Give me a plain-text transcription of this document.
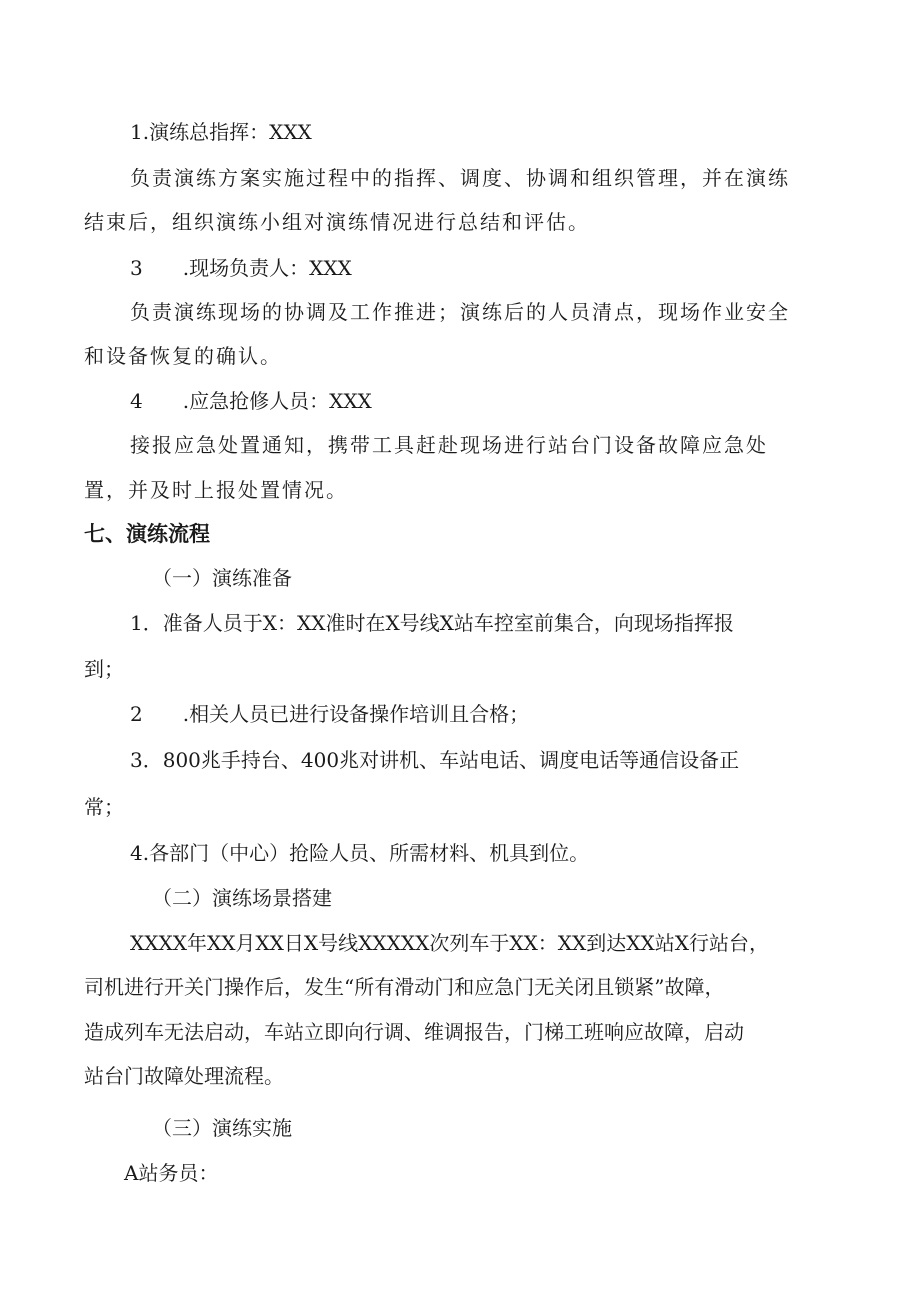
1.演练总指挥：XXX
负责演练方案实施过程中的指挥、调度、协调和组织管理，并在演练
结束后，组织演练小组对演练情况进行总结和评估。
3　　.现场负责人：XXX
负责演练现场的协调及工作推进；演练后的人员清点，现场作业安全
和设备恢复的确认。
4　　.应急抢修人员：XXX
接报应急处置通知，携带工具赶赴现场进行站台门设备故障应急处
置，并及时上报处置情况。
七、演练流程
（一）演练准备
1．准备人员于X：XX准时在X号线X站车控室前集合，向现场指挥报
到；
2　　.相关人员已进行设备操作培训且合格；
3．800兆手持台、400兆对讲机、车站电话、调度电话等通信设备正
常；
4.各部门（中心）抢险人员、所需材料、机具到位。
（二）演练场景搭建
XXXX年XX月XX日X号线XXXXX次列车于XX：XX到达XX站X行站台，
司机进行开关门操作后，发生“所有滑动门和应急门无关闭且锁紧”故障，
造成列车无法启动，车站立即向行调、维调报告，门梯工班响应故障，启动
站台门故障处理流程。
（三）演练实施
A站务员：
